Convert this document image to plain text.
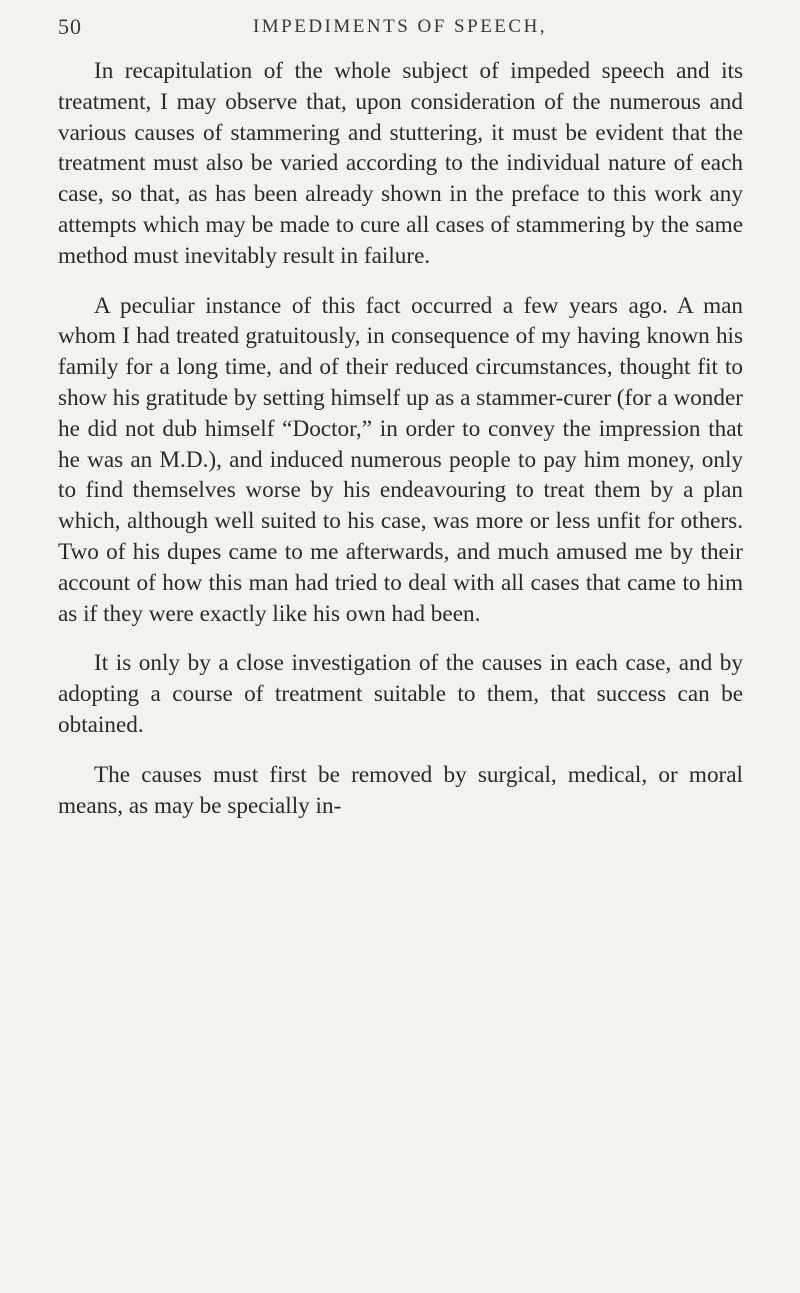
50	IMPEDIMENTS OF SPEECH,

In recapitulation of the whole subject of impeded speech and its treatment, I may observe that, upon consideration of the numerous and various causes of stammering and stuttering, it must be evident that the treatment must also be varied according to the individual nature of each case, so that, as has been already shown in the preface to this work any attempts which may be made to cure all cases of stammering by the same method must inevitably result in failure.

A peculiar instance of this fact occurred a few years ago. A man whom I had treated gratuitously, in consequence of my having known his family for a long time, and of their reduced circumstances, thought fit to show his gratitude by setting himself up as a stammer-curer (for a wonder he did not dub himself “Doctor,” in order to convey the impression that he was an M.D.), and induced numerous people to pay him money, only to find themselves worse by his endeavouring to treat them by a plan which, although well suited to his case, was more or less unfit for others. Two of his dupes came to me afterwards, and much amused me by their account of how this man had tried to deal with all cases that came to him as if they were exactly like his own had been.

It is only by a close investigation of the causes in each case, and by adopting a course of treatment suitable to them, that success can be obtained.

The causes must first be removed by surgical, medical, or moral means, as may be specially in-
